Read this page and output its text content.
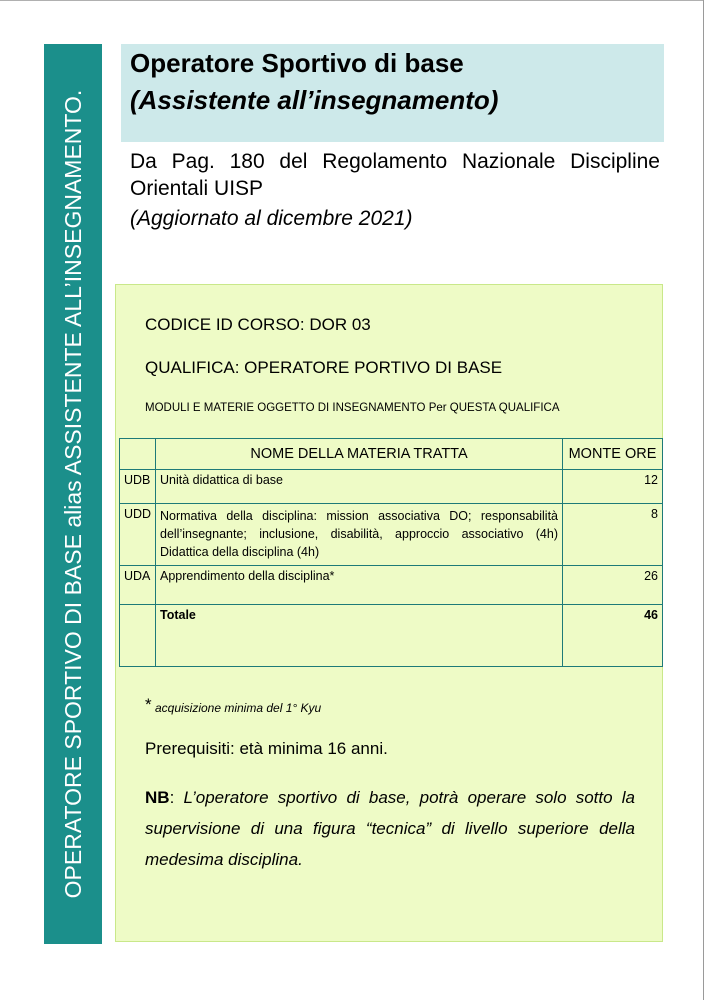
OPERATORE SPORTIVO DI BASE alias ASSISTENTE ALL’INSEGNAMENTO.
Operatore Sportivo di base
(Assistente all’insegnamento)
Da Pag. 180 del Regolamento Nazionale Discipline Orientali UISP
(Aggiornato al dicembre 2021)
CODICE ID CORSO: DOR 03
QUALIFICA: OPERATORE PORTIVO DI BASE
MODULI E MATERIE OGGETTO DI INSEGNAMENTO Per QUESTA QUALIFICA
	NOME DELLA MATERIA TRATTA	MONTE ORE
UDB	Unità didattica di base	12
UDD	Normativa della disciplina: mission associativa DO; responsabilità dell’insegnante; inclusione, disabilità, approccio associativo (4h) Didattica della disciplina (4h)	8
UDA	Apprendimento della disciplina*	26
	Totale	46
* acquisizione minima del 1° Kyu
Prerequisiti: età minima 16 anni.
NB: L’operatore sportivo di base, potrà operare solo sotto la supervisione di una figura “tecnica” di livello superiore della medesima disciplina.
